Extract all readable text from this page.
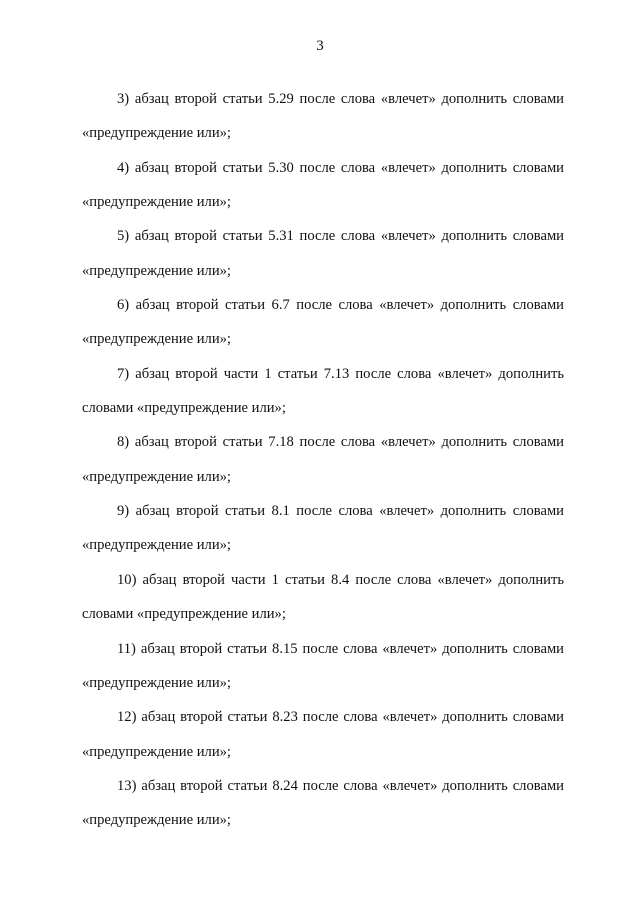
3
3) абзац второй статьи 5.29 после слова «влечет» дополнить словами
«предупреждение или»;
4) абзац второй статьи 5.30 после слова «влечет» дополнить словами
«предупреждение или»;
5) абзац второй статьи 5.31 после слова «влечет» дополнить словами
«предупреждение или»;
6) абзац второй статьи 6.7 после слова «влечет» дополнить словами
«предупреждение или»;
7) абзац второй части 1 статьи 7.13 после слова «влечет» дополнить
словами «предупреждение или»;
8) абзац второй статьи 7.18 после слова «влечет» дополнить словами
«предупреждение или»;
9) абзац второй статьи 8.1 после слова «влечет» дополнить словами
«предупреждение или»;
10) абзац второй части 1 статьи 8.4 после слова «влечет» дополнить
словами «предупреждение или»;
11) абзац второй статьи 8.15 после слова «влечет» дополнить словами
«предупреждение или»;
12) абзац второй статьи 8.23 после слова «влечет» дополнить словами
«предупреждение или»;
13) абзац второй статьи 8.24 после слова «влечет» дополнить словами
«предупреждение или»;
